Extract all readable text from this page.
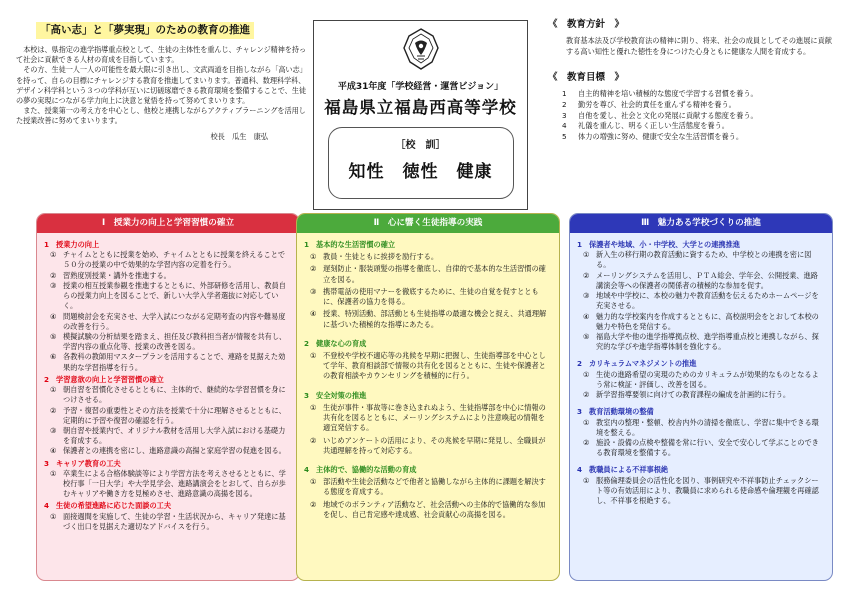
「高い志」と「夢実現」のための教育の推進

本校は、県指定の進学指導重点校として、生徒の主体性を重んじ、チャレンジ精神を持って社会に貢献できる人材の育成を目指しています。

その方、生徒一人一人の可能性を最大限に引き出し、文武両道を目指しながら「高い志」を持って、自らの目標にチャレンジする教育を推進してまいります。普通科、数理科学科、デザイン科学科という３つの学科が互いに切磋琢磨できる教育環境を整備することで、生徒の夢の実現につながる学力向上に決意と覚悟を持って努めてまいります。

また、授業第一の考え方を中心とし、他校と連携しながらアクティブラーニングを活用した授業改善に努めてまいります。

校長　瓜生　康弘

平成31年度「学校経営・運営ビジョン」
福島県立福島西高等学校
［校　訓］
知性　徳性　健康
《　教育方針　》

教育基本法及び学校教育法の精神に則り、将来、社会の成員としてその進展に貢献する高い知性と優れた徳性を身につけた心身ともに健康な人間を育成する。

《　教育目標　》
1	自主的精神を培い積極的な態度で学習する習慣を養う。
2	勤労を尊び、社会的責任を重んずる精神を養う。
3	自他を愛し、社会と文化の発展に貢献する態度を養う。
4	礼儀を重んじ、明るく正しい生活態度を養う。
5	体力の増強に努め、健康で安全な生活習慣を養う。
Ⅰ　授業力の向上と学習習慣の確立
1 授業力の向上
① チャイムとともに授業を始め、チャイムとともに授業を終えることで５０分の授業の中で効果的な学習内容の定着を行う。
② 習熟度別授業・講外を推進する。
③ 授業の相互授業参観を推進するとともに、外部研修を活用し、教員自らの授業力向上を図ることで、新しい大学入学者選抜に対応していく。
④ 問題検討会を充実させ、大学入試につながる定期考査の内容や難易度の改善を行う。
⑤ 模擬試験の分析結果を踏まえ、担任及び教科担当者が情報を共有し、学習内容の重点化等、授業の改善を図る。
⑥ 各教科の教師用マスタープランを活用することで、連路を見据えた効果的な学習指導を行う。
2 学習意欲の向上と学習習慣の確立
① 朝自習を習慣化させるとともに、主体的で、継続的な学習習慣を身につけさせる。
② 予習・復習の重要性とその方法を授業で十分に理解させるとともに、定期的に予習や復習の確認を行う。
③ 朝自習や授業内で、オリジナル教材を活用し大学入試における基礎力を育成する。
④ 保護者との連携を密にし、進路意識の高揚と家庭学習の促進を図る。
3 キャリア教育の工夫
① 卒業生による合格体験談等により学習方法を考えさせるとともに、学校行事「一日大学」や大学見学会、進路講演会をとおして、自らが歩むキャリアや働き方を見極めさせ、進路意識の高揚を図る。
4 生徒の希望進路に応じた面談の工夫
① 面接週間を実施して、生徒の学習・生活状況から、キャリア発達に基づく出口を見据えた適切なアドバイスを行う。
Ⅱ　心に響く生徒指導の実践
1 基本的な生活習慣の確立
① 教員・生徒ともに挨拶を励行する。
② 遅刻防止・服装頭髪の指導を徹底し、自律的で基本的な生活習慣の確立を図る。
③ 携帯電話の使用マナーを徹底するために、生徒の自覚を促すとともに、保護者の協力を得る。
④ 授業、特別活動、部活動とも生徒指導の最適な機会と捉え、共通理解に基づいた積極的な指導にあたる。
2 健康な心の育成
① 不登校や学校不適応等の兆候を早期に把握し、生徒指導部を中心として学年、教育相談部で情報の共有化を図るとともに、生徒や保護者との教育相談やカウンセリングを積極的に行う。
3 安全対策の推進
① 生徒が事件・事故等に巻き込まれぬよう、生徒指導部を中心に情報の共有化を図るとともに、メーリングシステムにより注意喚起の情報を適宜発信する。
② いじめアンケートの活用により、その兆候を早期に発見し、全職員が共通理解を持って対応する。
4 主体的で、協働的な活動の育成
① 部活動や生徒会活動などで他者と協働しながら主体的に課題を解決する態度を育成する。
② 地域でのボランティア活動など、社会活動への主体的で協働的な参加を促し、自己肯定感や達成感、社会貢献心の高揚を図る。
Ⅲ　魅力ある学校づくりの推進
1 保護者や地域、小・中学校、大学との連携推進
① 新入生の移行期の教育活動に資するため、中学校との連携を密に図る。
② メーリングシステムを活用し、ＰＴＡ総会、学年会、公開授業、進路講演会等への保護者の関係者の積極的な参加を促す。
③ 地域や中学校に、本校の魅力や教育活動を伝えるためホームページを充実させる。
④ 魅力的な学校案内を作成するとともに、高校説明会をとおして本校の魅力や特色を発信する。
⑤ 福島大学や他の進学指導拠点校、進学指導重点校と連携しながら、探究的な学びや進学指導体制を強化する。
2 カリキュラムマネジメントの推進
① 生徒の進路希望の実現のためのカリキュラムが効果的なものとなるよう常に検証・評価し、改善を図る。
② 新学習指導要領に向けての教育課程の編成を計画的に行う。
3 教育活動環境の整備
① 教室内の整理・整頓、校舎内外の清掃を徹底し、学習に集中できる環境を整える。
② 施設・設備の点検や整備を常に行い、安全で安心して学ぶことのできる教育環境を整備する。
4 教職員による不祥事根絶
① 服務倫理委員会の活性化を図り、事例研究や不祥事防止チェックシート等の有効活用により、教職員に求められる使命感や倫理観を再確認し、不祥事を根絶する。
